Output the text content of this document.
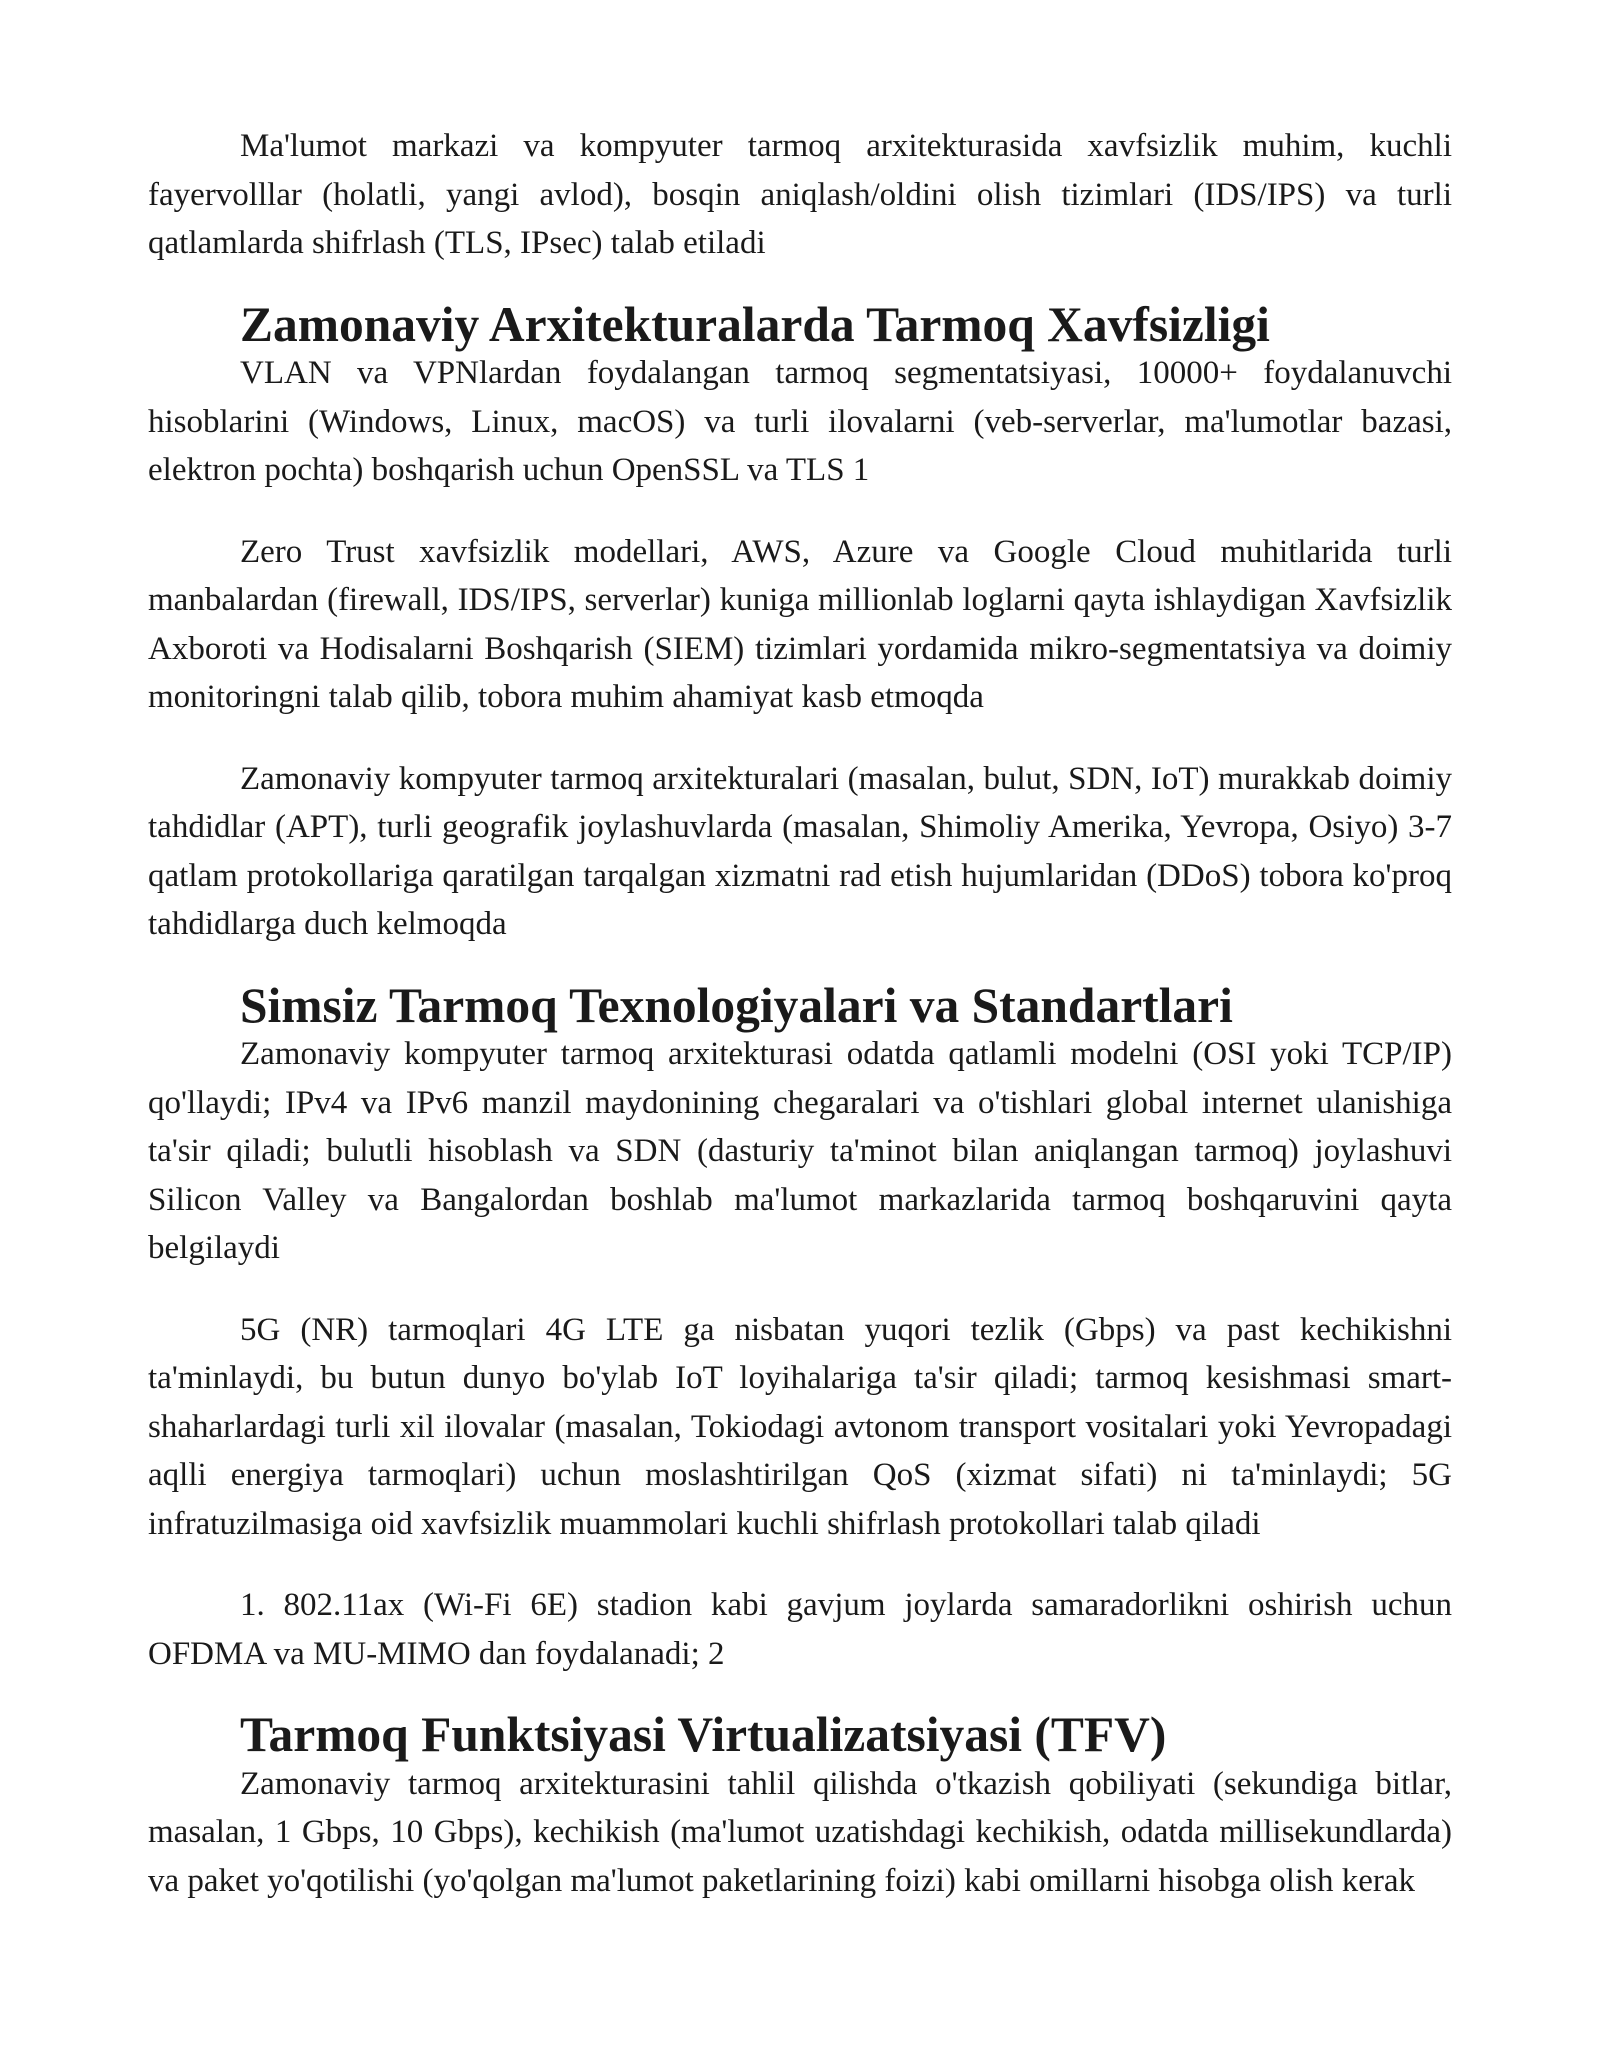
Ma'lumot markazi va kompyuter tarmoq arxitekturasida xavfsizlik muhim, kuchli fayervolllar (holatli, yangi avlod), bosqin aniqlash/oldini olish tizimlari (IDS/IPS) va turli qatlamlarda shifrlash (TLS, IPsec) talab etiladi

Zamonaviy Arxitekturalarda Tarmoq Xavfsizligi

VLAN va VPNlardan foydalangan tarmoq segmentatsiyasi, 10000+ foydalanuvchi hisoblarini (Windows, Linux, macOS) va turli ilovalarni (veb-serverlar, ma'lumotlar bazasi, elektron pochta) boshqarish uchun OpenSSL va TLS 1

Zero Trust xavfsizlik modellari, AWS, Azure va Google Cloud muhitlarida turli manbalardan (firewall, IDS/IPS, serverlar) kuniga millionlab loglarni qayta ishlaydigan Xavfsizlik Axboroti va Hodisalarni Boshqarish (SIEM) tizimlari yordamida mikro-segmentatsiya va doimiy monitoringni talab qilib, tobora muhim ahamiyat kasb etmoqda

Zamonaviy kompyuter tarmoq arxitekturalari (masalan, bulut, SDN, IoT) murakkab doimiy tahdidlar (APT), turli geografik joylashuvlarda (masalan, Shimoliy Amerika, Yevropa, Osiyo) 3-7 qatlam protokollariga qaratilgan tarqalgan xizmatni rad etish hujumlaridan (DDoS) tobora ko'proq tahdidlarga duch kelmoqda

Simsiz Tarmoq Texnologiyalari va Standartlari

Zamonaviy kompyuter tarmoq arxitekturasi odatda qatlamli modelni (OSI yoki TCP/IP) qo'llaydi; IPv4 va IPv6 manzil maydonining chegaralari va o'tishlari global internet ulanishiga ta'sir qiladi; bulutli hisoblash va SDN (dasturiy ta'minot bilan aniqlangan tarmoq) joylashuvi Silicon Valley va Bangalordan boshlab ma'lumot markazlarida tarmoq boshqaruvini qayta belgilaydi

5G (NR) tarmoqlari 4G LTE ga nisbatan yuqori tezlik (Gbps) va past kechikishni ta'minlaydi, bu butun dunyo bo'ylab IoT loyihalariga ta'sir qiladi; tarmoq kesishmasi smart-shaharlardagi turli xil ilovalar (masalan, Tokiodagi avtonom transport vositalari yoki Yevropadagi aqlli energiya tarmoqlari) uchun moslashtirilgan QoS (xizmat sifati) ni ta'minlaydi; 5G infratuzilmasiga oid xavfsizlik muammolari kuchli shifrlash protokollari talab qiladi

1. 802.11ax (Wi-Fi 6E) stadion kabi gavjum joylarda samaradorlikni oshirish uchun OFDMA va MU-MIMO dan foydalanadi; 2

Tarmoq Funktsiyasi Virtualizatsiyasi (TFV)

Zamonaviy tarmoq arxitekturasini tahlil qilishda o'tkazish qobiliyati (sekundiga bitlar, masalan, 1 Gbps, 10 Gbps), kechikish (ma'lumot uzatishdagi kechikish, odatda millisekundlarda) va paket yo'qotilishi (yo'qolgan ma'lumot paketlarining foizi) kabi omillarni hisobga olish kerak
